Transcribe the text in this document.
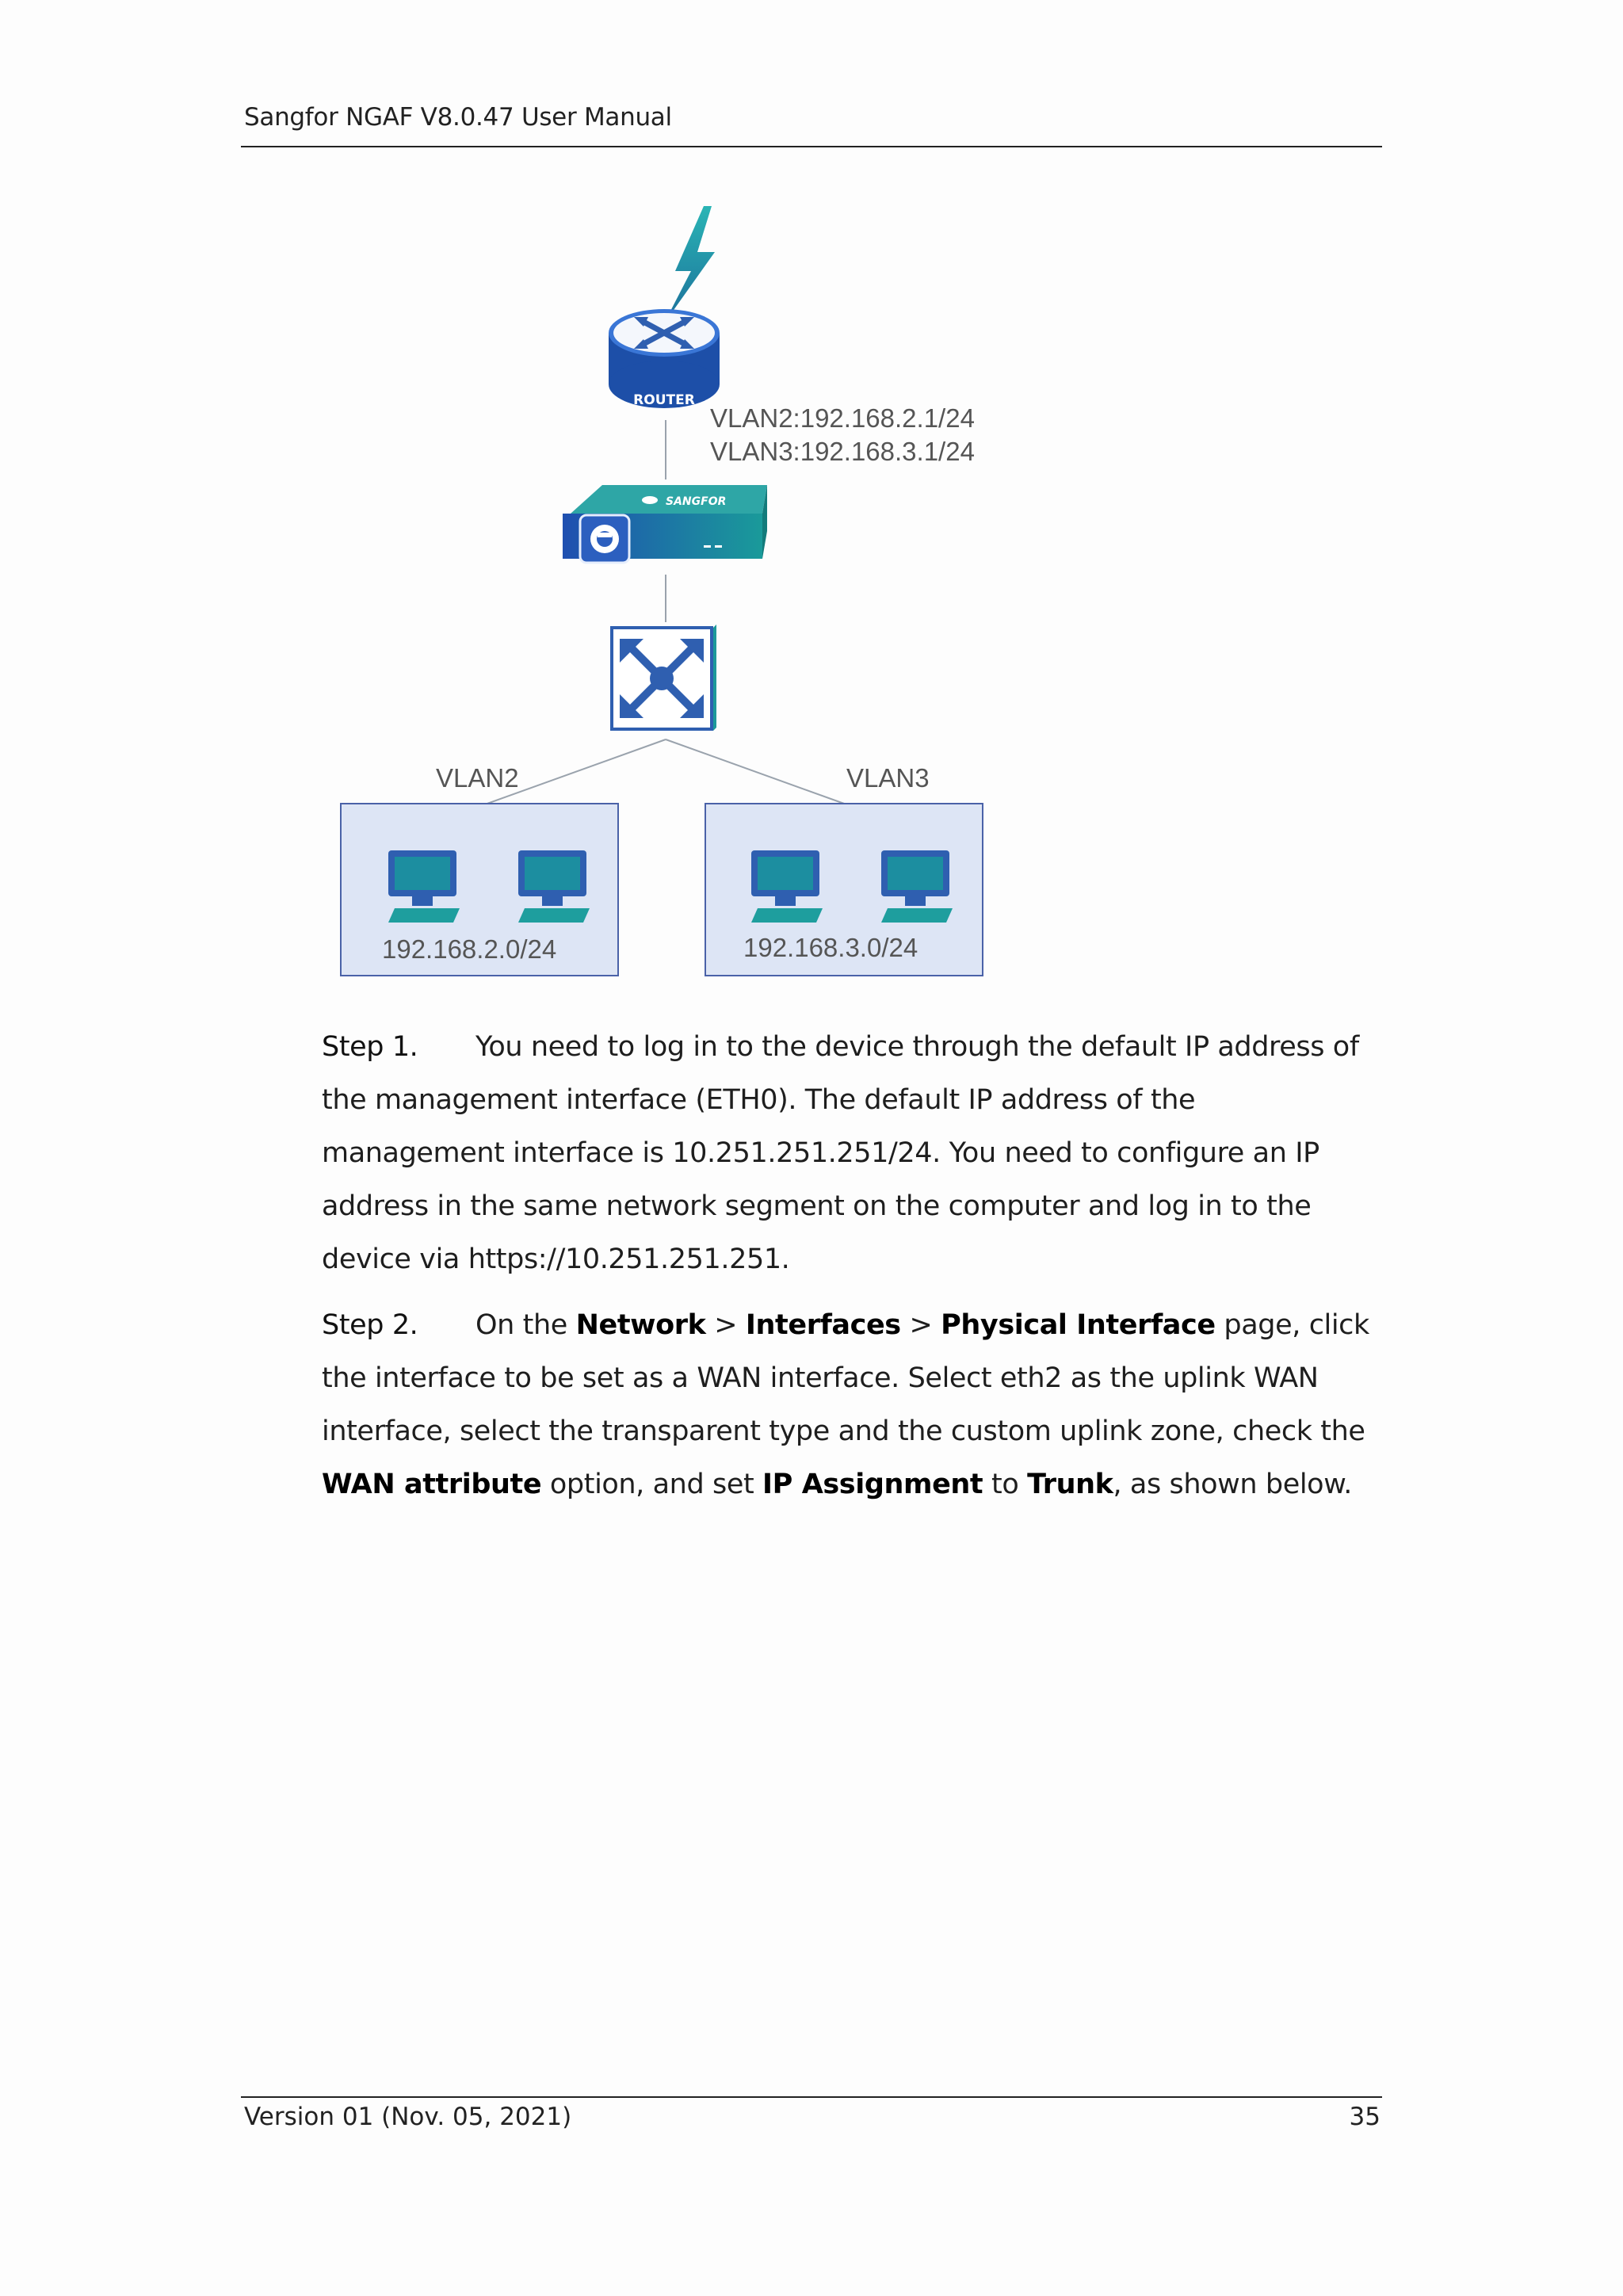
Sangfor NGAF V8.0.47 User Manual
ROUTER
VLAN2:192.168.2.1/24
VLAN3:192.168.3.1/24
SANGFOR
VLAN2	VLAN3
192.168.2.0/24	192.168.3.0/24

Step 1. You need to log in to the device through the default IP address of the management interface (ETH0). The default IP address of the management interface is 10.251.251.251/24. You need to configure an IP address in the same network segment on the computer and log in to the device via https://10.251.251.251.

Step 2. On the Network > Interfaces > Physical Interface page, click the interface to be set as a WAN interface. Select eth2 as the uplink WAN interface, select the transparent type and the custom uplink zone, check the WAN attribute option, and set IP Assignment to Trunk, as shown below.

Version 01 (Nov. 05, 2021)	35
